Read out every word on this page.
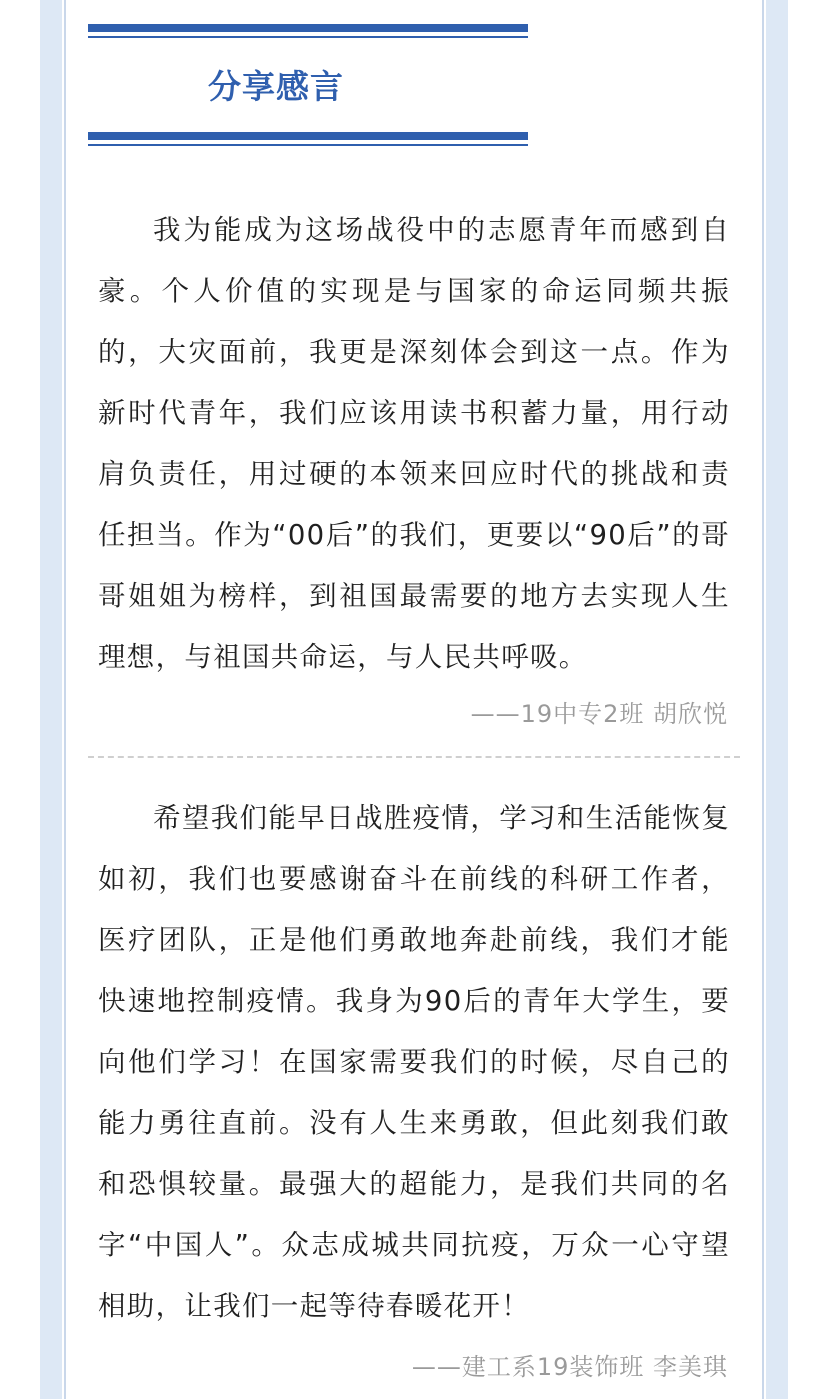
分享感言

我为能成为这场战役中的志愿青年而感到自豪。个人价值的实现是与国家的命运同频共振的，大灾面前，我更是深刻体会到这一点。作为新时代青年，我们应该用读书积蓄力量，用行动肩负责任，用过硬的本领来回应时代的挑战和责任担当。作为“00后”的我们，更要以“90后”的哥哥姐姐为榜样，到祖国最需要的地方去实现人生理想，与祖国共命运，与人民共呼吸。

——19中专2班 胡欣悦

希望我们能早日战胜疫情，学习和生活能恢复如初，我们也要感谢奋斗在前线的科研工作者，医疗团队，正是他们勇敢地奔赴前线，我们才能快速地控制疫情。我身为90后的青年大学生，要向他们学习！在国家需要我们的时候，尽自己的能力勇往直前。没有人生来勇敢，但此刻我们敢和恐惧较量。最强大的超能力，是我们共同的名字“中国人”。众志成城共同抗疫，万众一心守望相助，让我们一起等待春暖花开！

——建工系19装饰班 李美琪
